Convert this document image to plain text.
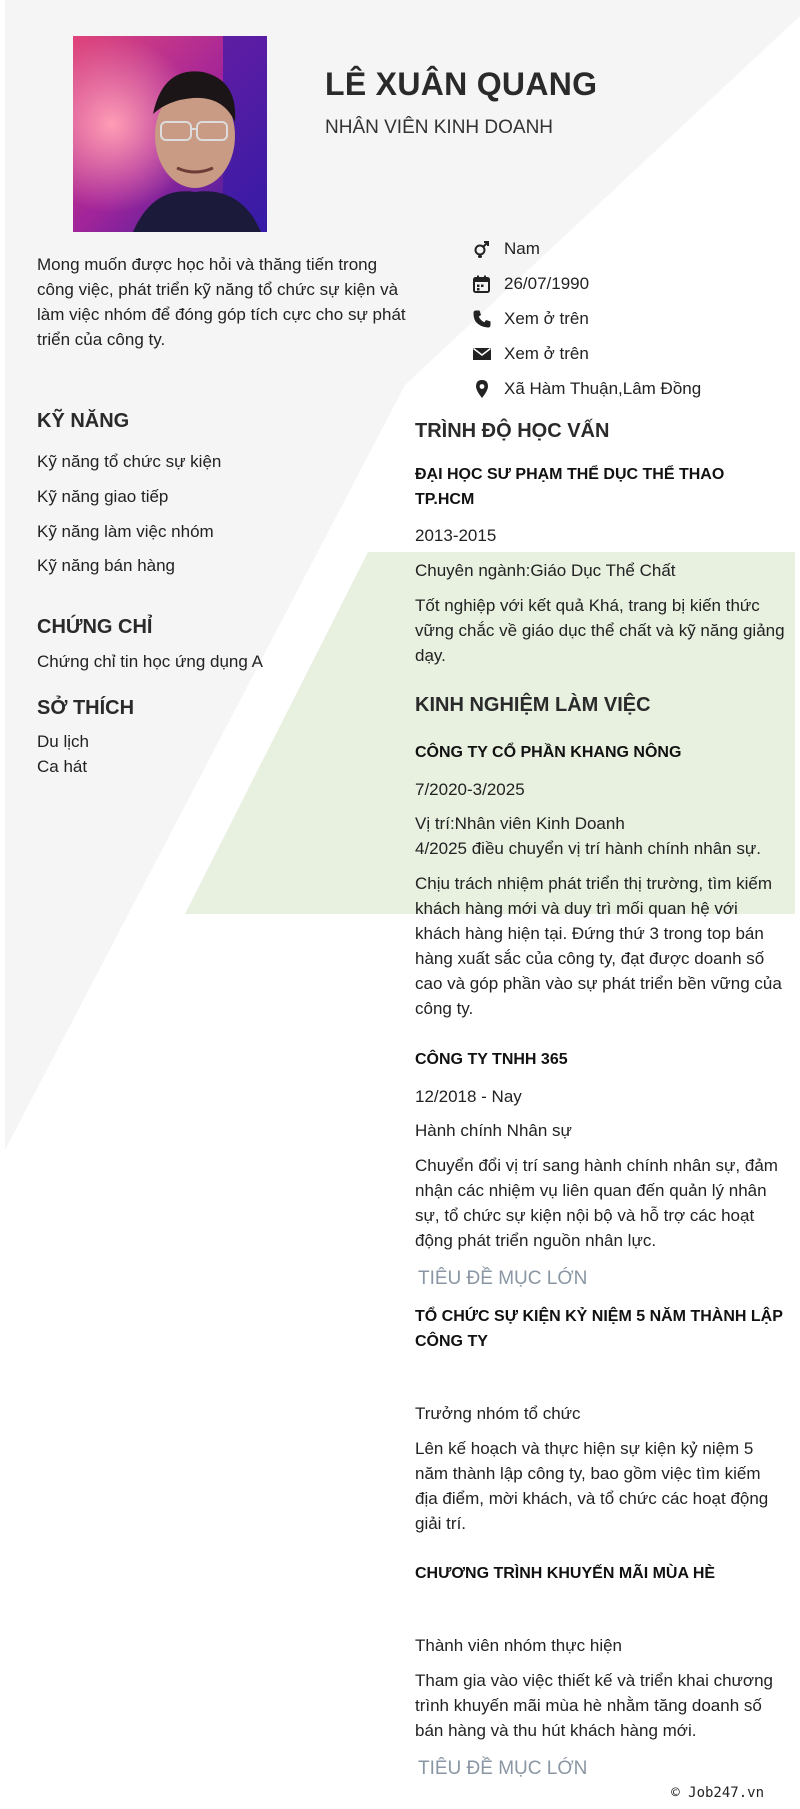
LÊ XUÂN QUANG
NHÂN VIÊN KINH DOANH
Mong muốn được học hỏi và thăng tiến trong công việc, phát triển kỹ năng tổ chức sự kiện và làm việc nhóm để đóng góp tích cực cho sự phát triển của công ty.
Nam
26/07/1990
Xem ở trên
Xem ở trên
Xã Hàm Thuận,Lâm Đồng
KỸ NĂNG
Kỹ năng tổ chức sự kiện
Kỹ năng giao tiếp
Kỹ năng làm việc nhóm
Kỹ năng bán hàng
CHỨNG CHỈ
Chứng chỉ tin học ứng dụng A
SỞ THÍCH
Du lịch
Ca hát
TRÌNH ĐỘ HỌC VẤN
ĐẠI HỌC SƯ PHẠM THỂ DỤC THỂ THAO TP.HCM
2013-2015
Chuyên ngành:Giáo Dục Thể Chất
Tốt nghiệp với kết quả Khá, trang bị kiến thức vững chắc về giáo dục thể chất và kỹ năng giảng dạy.
KINH NGHIỆM LÀM VIỆC
CÔNG TY CỔ PHẦN KHANG NÔNG
7/2020-3/2025
Vị trí:Nhân viên Kinh Doanh
4/2025 điều chuyển vị trí hành chính nhân sự.
Chịu trách nhiệm phát triển thị trường, tìm kiếm khách hàng mới và duy trì mối quan hệ với khách hàng hiện tại. Đứng thứ 3 trong top bán hàng xuất sắc của công ty, đạt được doanh số cao và góp phần vào sự phát triển bền vững của công ty.
CÔNG TY TNHH 365
12/2018 - Nay
Hành chính Nhân sự
Chuyển đổi vị trí sang hành chính nhân sự, đảm nhận các nhiệm vụ liên quan đến quản lý nhân sự, tổ chức sự kiện nội bộ và hỗ trợ các hoạt động phát triển nguồn nhân lực.
TIÊU ĐỀ MỤC LỚN
TỔ CHỨC SỰ KIỆN KỶ NIỆM 5 NĂM THÀNH LẬP CÔNG TY
Trưởng nhóm tổ chức
Lên kế hoạch và thực hiện sự kiện kỷ niệm 5 năm thành lập công ty, bao gồm việc tìm kiếm địa điểm, mời khách, và tổ chức các hoạt động giải trí.
CHƯƠNG TRÌNH KHUYẾN MÃI MÙA HÈ
Thành viên nhóm thực hiện
Tham gia vào việc thiết kế và triển khai chương trình khuyến mãi mùa hè nhằm tăng doanh số bán hàng và thu hút khách hàng mới.
TIÊU ĐỀ MỤC LỚN
© Job247.vn
